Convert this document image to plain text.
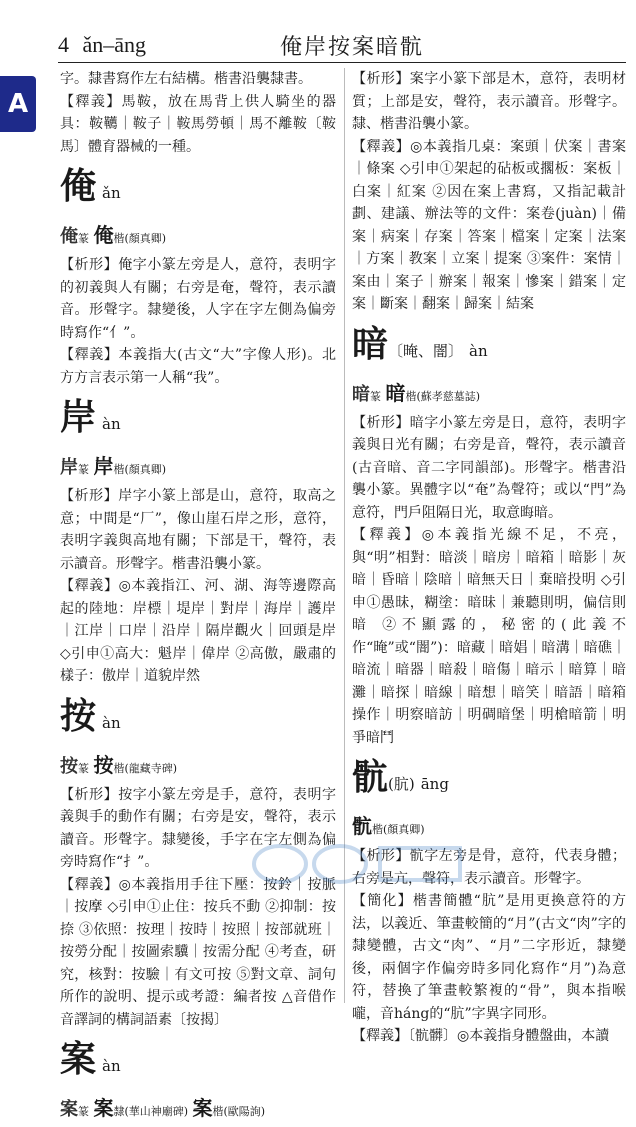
4 ǎn–āng	俺岸按案暗骯
A

字。隸書寫作左右結構。楷書沿襲隸書。

【釋義】馬鞍，放在馬背上供人騎坐的器具：鞍韉｜鞍子｜鞍馬勞頓｜馬不離鞍〔鞍馬〕體育器械的一種。

俺ǎn
俺篆 俺楷(顏真卿)

【析形】俺字小篆左旁是人，意符，表明字的初義與人有關；右旁是奄，聲符，表示讀音。形聲字。隸變後，人字在字左側為偏旁時寫作“亻”。

【釋義】本義指大(古文“大”字像人形)。北方方言表示第一人稱“我”。

岸àn
岸篆 岸楷(顏真卿)

【析形】岸字小篆上部是山，意符，取高之意；中間是“厂”，像山崖石岸之形，意符，表明字義與高地有關；下部是干，聲符，表示讀音。形聲字。楷書沿襲小篆。

【釋義】◎本義指江、河、湖、海等邊際高起的陸地：岸標｜堤岸｜對岸｜海岸｜護岸｜江岸｜口岸｜沿岸｜隔岸觀火｜回頭是岸 ◇引申①高大：魁岸｜偉岸 ②高傲，嚴肅的樣子：傲岸｜道貌岸然

按àn
按篆 按楷(龍藏寺碑)

【析形】按字小篆左旁是手，意符，表明字義與手的動作有關；右旁是安，聲符，表示讀音。形聲字。隸變後，手字在字左側為偏旁時寫作“扌”。

【釋義】◎本義指用手往下壓：按鈴｜按脈｜按摩 ◇引申①止住：按兵不動 ②抑制：按捺 ③依照：按理｜按時｜按照｜按部就班｜按勞分配｜按圖索驥｜按需分配 ④考查，研究，核對：按驗｜有文可按 ⑤對文章、詞句所作的說明、提示或考證：編者按 △音借作音譯詞的構詞語素〔按揭〕

案àn
案篆 案隸(華山神廟碑) 案楷(歐陽詢)

【析形】案字小篆下部是木，意符，表明材質；上部是安，聲符，表示讀音。形聲字。隸、楷書沿襲小篆。

【釋義】◎本義指几桌：案頭｜伏案｜書案｜條案 ◇引申①架起的砧板或擱板：案板｜白案｜紅案 ②因在案上書寫，又指記載計劃、建議、辦法等的文件：案卷(juàn)｜備案｜病案｜存案｜答案｜檔案｜定案｜法案｜方案｜教案｜立案｜提案 ③案件：案情｜案由｜案子｜辦案｜報案｜慘案｜錯案｜定案｜斷案｜翻案｜歸案｜結案

暗〔晻、闇〕 àn
暗篆 暗楷(蘇孝慈墓誌)

【析形】暗字小篆左旁是日，意符，表明字義與日光有關；右旁是音，聲符，表示讀音(古音暗、音二字同韻部)。形聲字。楷書沿襲小篆。異體字以“奄”為聲符；或以“門”為意符，門戶阻隔日光，取意晦暗。

【釋義】◎本義指光線不足，不亮，與“明”相對：暗淡｜暗房｜暗箱｜暗影｜灰暗｜昏暗｜陰暗｜暗無天日｜棄暗投明 ◇引申①愚昧，糊塗：暗昧｜兼聽則明，偏信則暗 ②不顯露的，秘密的(此義不作“晻”或“闇”)：暗藏｜暗娼｜暗溝｜暗礁｜暗流｜暗器｜暗殺｜暗傷｜暗示｜暗算｜暗灘｜暗探｜暗線｜暗想｜暗笑｜暗語｜暗箱操作｜明察暗訪｜明碉暗堡｜明槍暗箭｜明爭暗鬥

骯(肮) āng
骯楷(顏真卿)

【析形】骯字左旁是骨，意符，代表身體；右旁是亢，聲符，表示讀音。形聲字。

【簡化】楷書簡體“肮”是用更換意符的方法，以義近、筆畫較簡的“月”(古文“肉”字的隸變體，古文“肉”、“月”二字形近，隸變後，兩個字作偏旁時多同化寫作“月”)為意符，替換了筆畫較繁複的“骨”，與本指喉嚨，音háng的“肮”字異字同形。

【釋義】〔骯髒〕◎本義指身體盤曲，本讀
